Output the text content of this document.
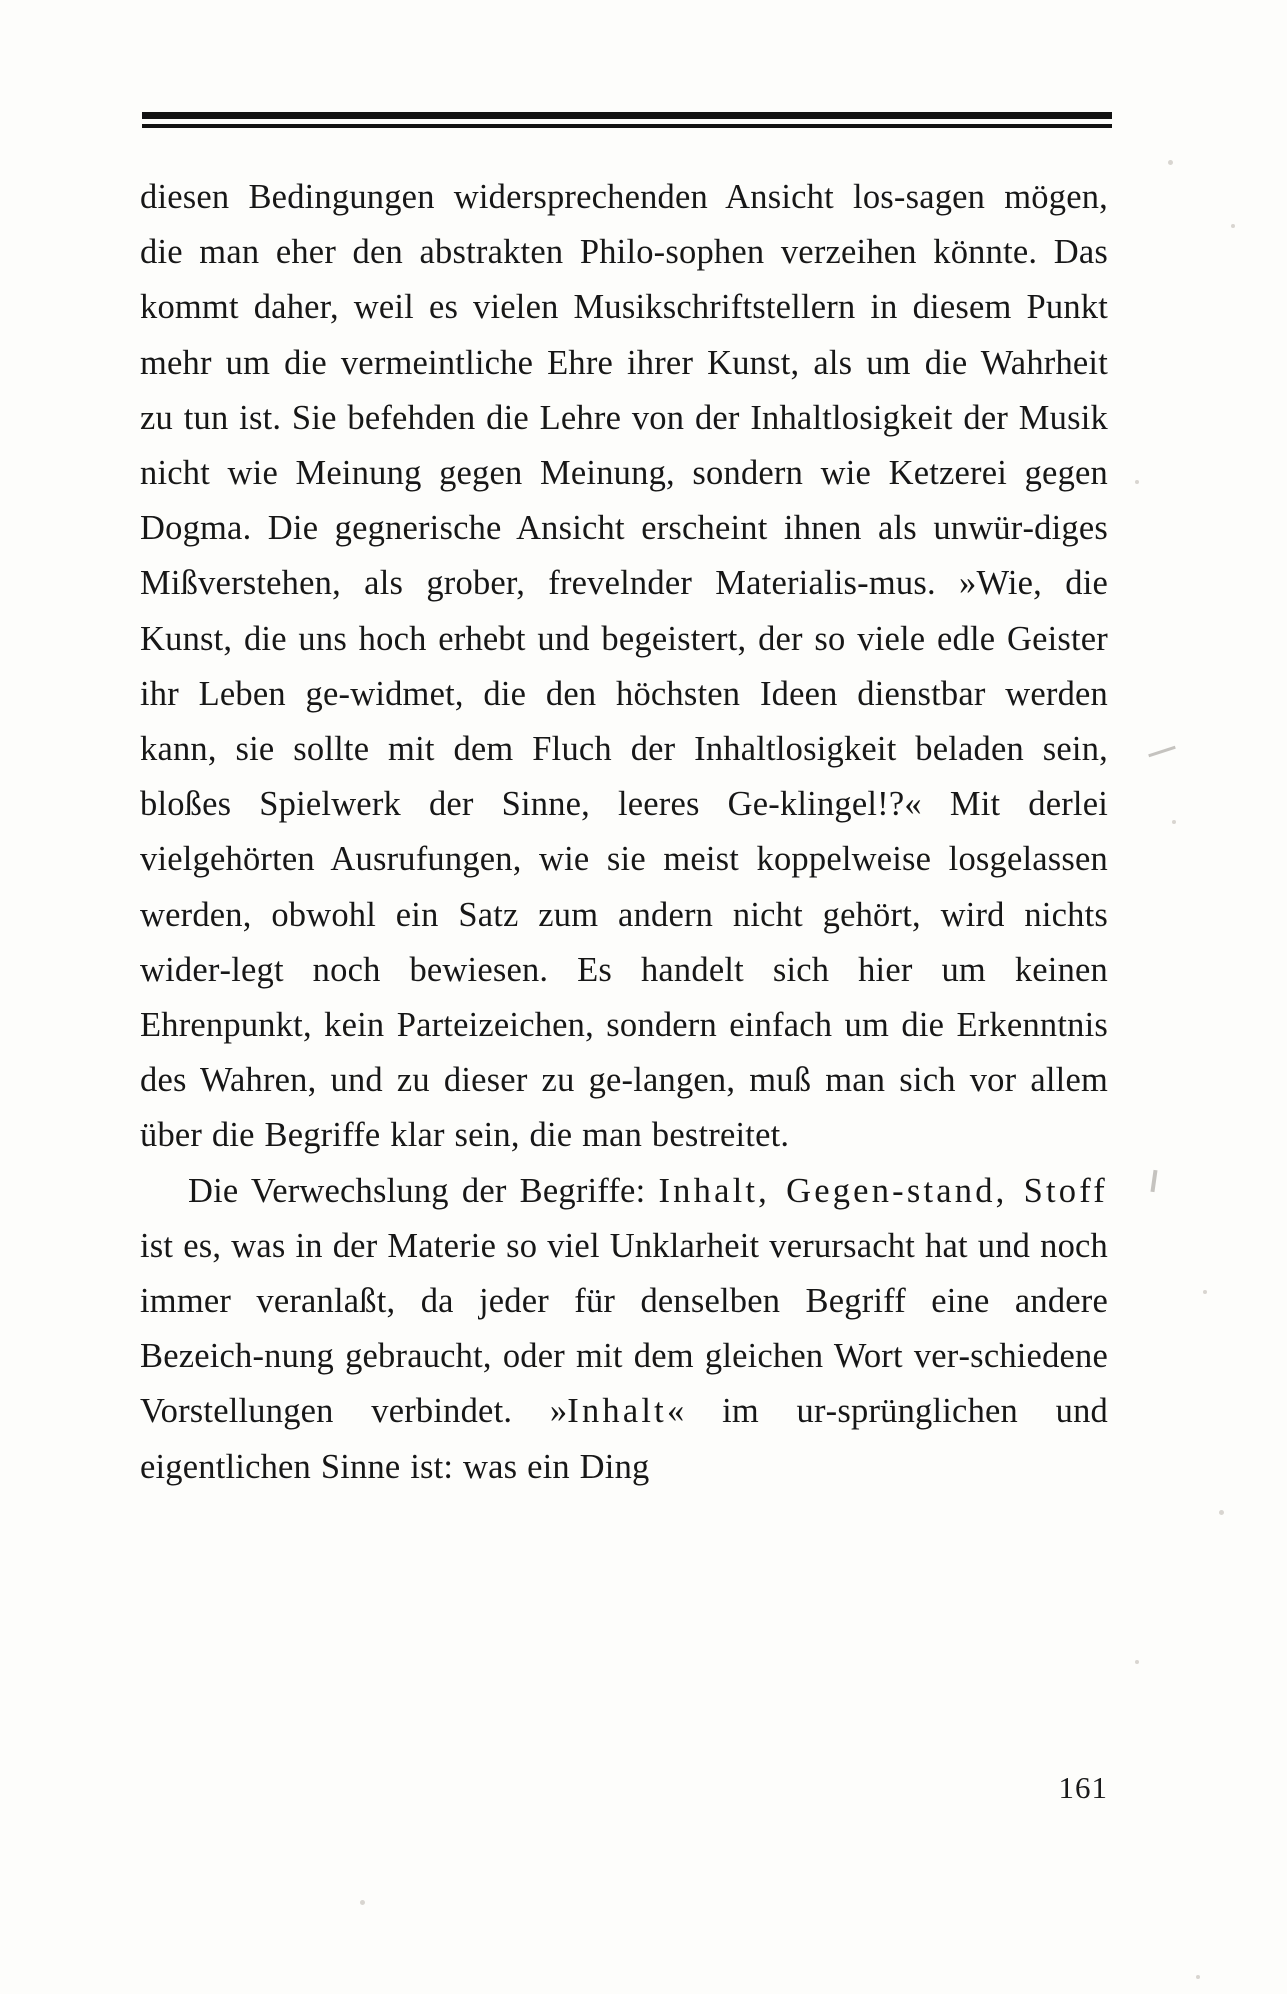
diesen Bedingungen widersprechenden Ansicht los‑sagen mögen, die man eher den abstrakten Philo‑sophen verzeihen könnte. Das kommt daher, weil es vielen Musikschriftstellern in diesem Punkt mehr um die vermeintliche Ehre ihrer Kunst, als um die Wahrheit zu tun ist. Sie befehden die Lehre von der Inhaltlosigkeit der Musik nicht wie Meinung gegen Meinung, sondern wie Ketzerei gegen Dogma. Die gegnerische Ansicht erscheint ihnen als unwür‑diges Mißverstehen, als grober, frevelnder Materialis‑mus. »Wie, die Kunst, die uns hoch erhebt und begeistert, der so viele edle Geister ihr Leben ge‑widmet, die den höchsten Ideen dienstbar werden kann, sie sollte mit dem Fluch der Inhaltlosigkeit beladen sein, bloßes Spielwerk der Sinne, leeres Ge‑klingel!?« Mit derlei vielgehörten Ausrufungen, wie sie meist koppelweise losgelassen werden, obwohl ein Satz zum andern nicht gehört, wird nichts wider‑legt noch bewiesen. Es handelt sich hier um keinen Ehrenpunkt, kein Parteizeichen, sondern einfach um die Erkenntnis des Wahren, und zu dieser zu ge‑langen, muß man sich vor allem über die Begriffe klar sein, die man bestreitet.

Die Verwechslung der Begriffe: Inhalt, Gegen‑stand, Stoff ist es, was in der Materie so viel Unklarheit verursacht hat und noch immer veranlaßt, da jeder für denselben Begriff eine andere Bezeich‑nung gebraucht, oder mit dem gleichen Wort ver‑schiedene Vorstellungen verbindet. »Inhalt« im ur‑sprünglichen und eigentlichen Sinne ist: was ein Ding

161
